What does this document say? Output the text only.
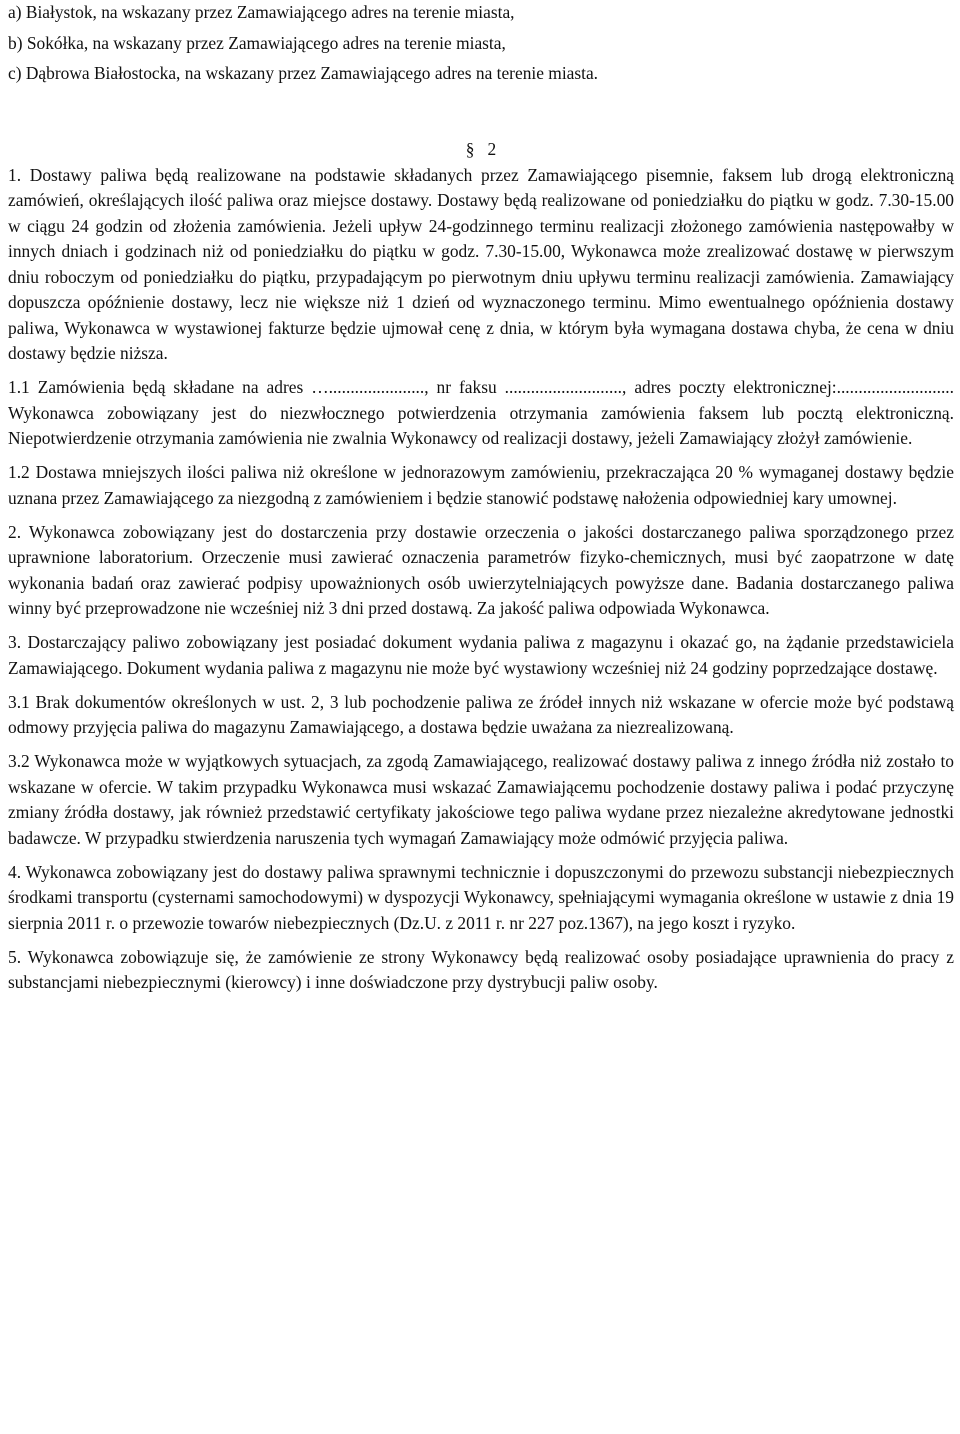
a) Białystok, na wskazany przez Zamawiającego adres na terenie miasta,

b) Sokółka, na wskazany przez Zamawiającego adres na terenie miasta,

c) Dąbrowa Białostocka, na wskazany przez Zamawiającego adres na terenie miasta.

§ 2

1. Dostawy paliwa będą realizowane na podstawie składanych przez Zamawiającego pisemnie, faksem lub drogą elektroniczną zamówień, określających ilość paliwa oraz miejsce dostawy. Dostawy będą realizowane od poniedziałku do piątku w godz. 7.30-15.00 w ciągu 24 godzin od złożenia zamówienia. Jeżeli upływ 24-godzinnego terminu realizacji złożonego zamówienia następowałby w innych dniach i godzinach niż od poniedziałku do piątku w godz. 7.30-15.00, Wykonawca może zrealizować dostawę w pierwszym dniu roboczym od poniedziałku do piątku, przypadającym po pierwotnym dniu upływu terminu realizacji zamówienia. Zamawiający dopuszcza opóźnienie dostawy, lecz nie większe niż 1 dzień od wyznaczonego terminu. Mimo ewentualnego opóźnienia dostawy paliwa, Wykonawca w wystawionej fakturze będzie ujmował cenę z dnia, w którym była wymagana dostawa chyba, że cena w dniu dostawy będzie niższa.

1.1 Zamówienia będą składane na adres …......................, nr faksu ..........................., adres poczty elektronicznej:........................... Wykonawca zobowiązany jest do niezwłocznego potwierdzenia otrzymania zamówienia faksem lub pocztą elektroniczną. Niepotwierdzenie otrzymania zamówienia nie zwalnia Wykonawcy od realizacji dostawy, jeżeli Zamawiający złożył zamówienie.

1.2 Dostawa mniejszych ilości paliwa niż określone w jednorazowym zamówieniu, przekraczająca 20 % wymaganej dostawy będzie uznana przez Zamawiającego za niezgodną z zamówieniem i będzie stanowić podstawę nałożenia odpowiedniej kary umownej.

2. Wykonawca zobowiązany jest do dostarczenia przy dostawie orzeczenia o jakości dostarczanego paliwa sporządzonego przez uprawnione laboratorium. Orzeczenie musi zawierać oznaczenia parametrów fizyko-chemicznych, musi być zaopatrzone w datę wykonania badań oraz zawierać podpisy upoważnionych osób uwierzytelniających powyższe dane. Badania dostarczanego paliwa winny być przeprowadzone nie wcześniej niż 3 dni przed dostawą. Za jakość paliwa odpowiada Wykonawca.

3. Dostarczający paliwo zobowiązany jest posiadać dokument wydania paliwa z magazynu i okazać go, na żądanie przedstawiciela Zamawiającego. Dokument wydania paliwa z magazynu nie może być wystawiony wcześniej niż 24 godziny poprzedzające dostawę.

3.1 Brak dokumentów określonych w ust. 2, 3 lub pochodzenie paliwa ze źródeł innych niż wskazane w ofercie może być podstawą odmowy przyjęcia paliwa do magazynu Zamawiającego, a dostawa będzie uważana za niezrealizowaną.

3.2 Wykonawca może w wyjątkowych sytuacjach, za zgodą Zamawiającego, realizować dostawy paliwa z innego źródła niż zostało to wskazane w ofercie. W takim przypadku Wykonawca musi wskazać Zamawiającemu pochodzenie dostawy paliwa i podać przyczynę zmiany źródła dostawy, jak również przedstawić certyfikaty jakościowe tego paliwa wydane przez niezależne akredytowane jednostki badawcze. W przypadku stwierdzenia naruszenia tych wymagań Zamawiający może odmówić przyjęcia paliwa.

4. Wykonawca zobowiązany jest do dostawy paliwa sprawnymi technicznie i dopuszczonymi do przewozu substancji niebezpiecznych środkami transportu (cysternami samochodowymi) w dyspozycji Wykonawcy, spełniającymi wymagania określone w ustawie z dnia 19 sierpnia 2011 r. o przewozie towarów niebezpiecznych (Dz.U. z 2011 r. nr 227 poz.1367), na jego koszt i ryzyko.

5. Wykonawca zobowiązuje się, że zamówienie ze strony Wykonawcy będą realizować osoby posiadające uprawnienia do pracy z substancjami niebezpiecznymi (kierowcy) i inne doświadczone przy dystrybucji paliw osoby.
